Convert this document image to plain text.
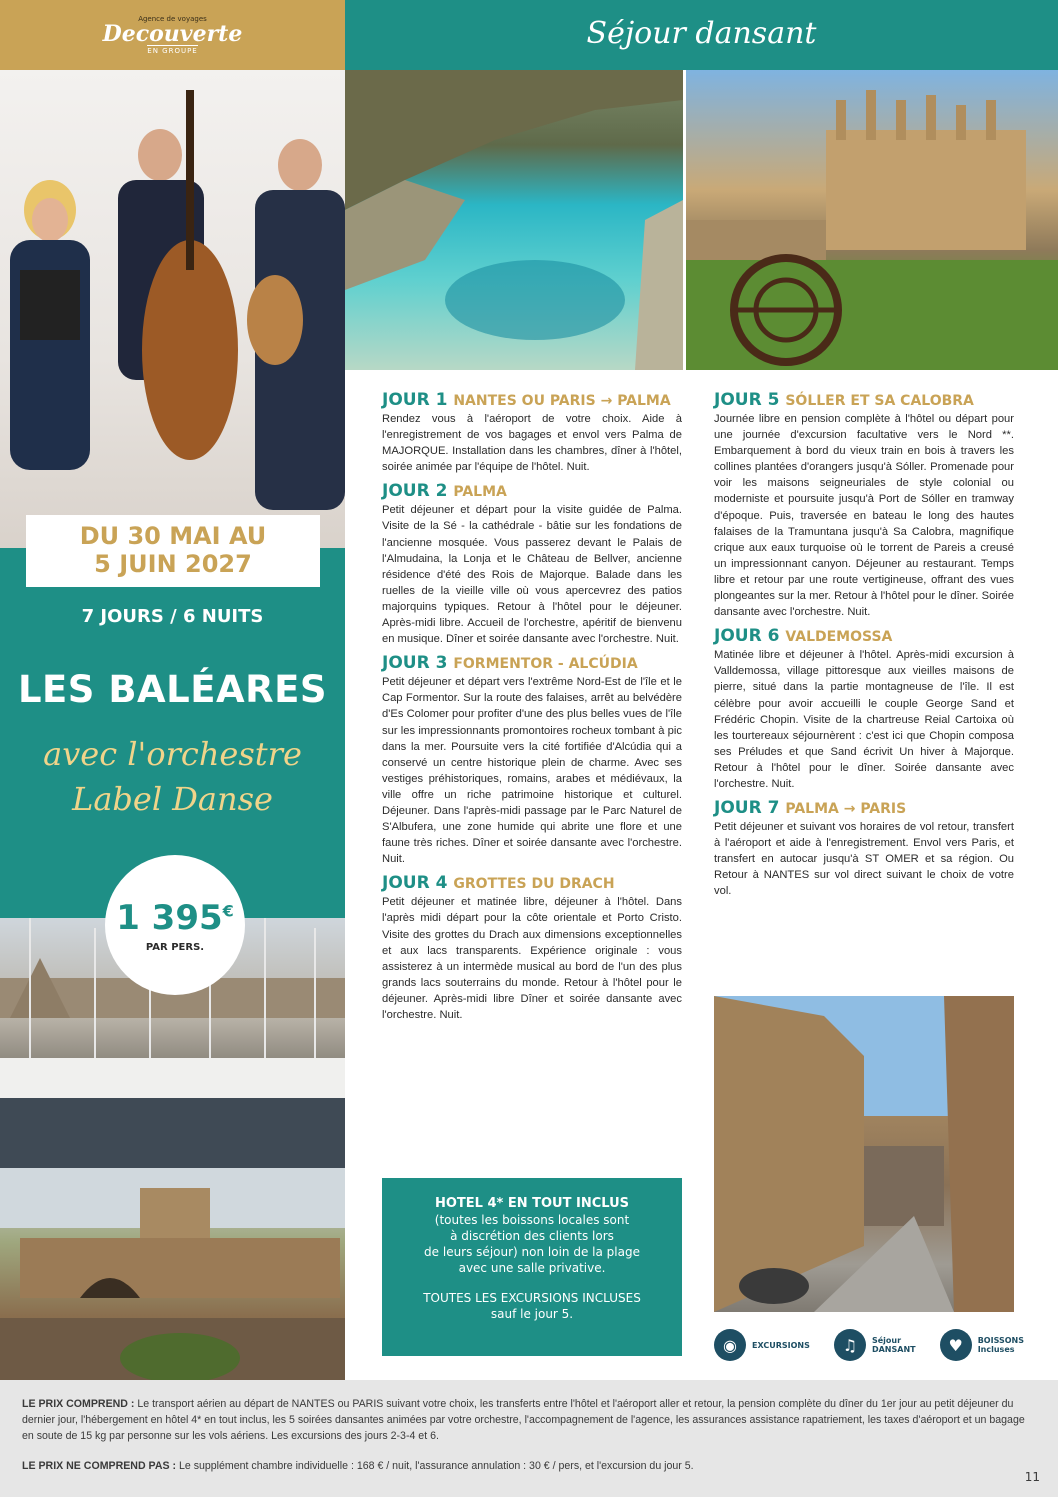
Agence de voyages
Decouverte
EN GROUPE
DU 30 MAI AU
5 JUIN 2027
7 JOURS / 6 NUITS
LES BALÉARES
avec l'orchestre
Label Danse
1 395€
PAR PERS.
Séjour dansant
JOUR 1 NANTES OU PARIS → PALMA
Rendez vous à l'aéroport de votre choix. Aide à l'enregistrement de vos bagages et envol vers Palma de MAJORQUE. Installation dans les chambres, dîner à l'hôtel, soirée animée par l'équipe de l'hôtel. Nuit.
JOUR 2 PALMA
Petit déjeuner et départ pour la visite guidée de Palma. Visite de la Sé - la cathédrale - bâtie sur les fondations de l'ancienne mosquée. Vous passerez devant le Palais de l'Almudaina, la Lonja et le Château de Bellver, ancienne résidence d'été des Rois de Majorque. Balade dans les ruelles de la vieille ville où vous apercevrez des patios majorquins typiques. Retour à l'hôtel pour le déjeuner. Après-midi libre. Accueil de l'orchestre, apéritif de bienvenu en musique. Dîner et soirée dansante avec l'orchestre. Nuit.
JOUR 3 FORMENTOR - ALCÚDIA
Petit déjeuner et départ vers l'extrême Nord-Est de l'île et le Cap Formentor. Sur la route des falaises, arrêt au belvédère d'Es Colomer pour profiter d'une des plus belles vues de l'île sur les impressionnants promontoires rocheux tombant à pic dans la mer. Poursuite vers la cité fortifiée d'Alcúdia qui a conservé un centre historique plein de charme. Avec ses vestiges préhistoriques, romains, arabes et médiévaux, la ville offre un riche patrimoine historique et culturel. Déjeuner. Dans l'après-midi passage par le Parc Naturel de S'Albufera, une zone humide qui abrite une flore et une faune très riches. Dîner et soirée dansante avec l'orchestre. Nuit.
JOUR 4 GROTTES DU DRACH
Petit déjeuner et matinée libre, déjeuner à l'hôtel. Dans l'après midi départ pour la côte orientale et Porto Cristo. Visite des grottes du Drach aux dimensions exceptionnelles et aux lacs transparents. Expérience originale : vous assisterez à un intermède musical au bord de l'un des plus grands lacs souterrains du monde. Retour à l'hôtel pour le déjeuner. Après-midi libre Dîner et soirée dansante avec l'orchestre. Nuit.
JOUR 5 SÓLLER ET SA CALOBRA
Journée libre en pension complète à l'hôtel ou départ pour une journée d'excursion facultative vers le Nord **. Embarquement à bord du vieux train en bois à travers les collines plantées d'orangers jusqu'à Sóller. Promenade pour voir les maisons seigneuriales de style colonial ou moderniste et poursuite jusqu'à Port de Sóller en tramway d'époque. Puis, traversée en bateau le long des hautes falaises de la Tramuntana jusqu'à Sa Calobra, magnifique crique aux eaux turquoise où le torrent de Pareis a creusé un impressionnant canyon. Déjeuner au restaurant. Temps libre et retour par une route vertigineuse, offrant des vues plongeantes sur la mer. Retour à l'hôtel pour le dîner. Soirée dansante avec l'orchestre. Nuit.
JOUR 6 VALDEMOSSA
Matinée libre et déjeuner à l'hôtel. Après-midi excursion à Valldemossa, village pittoresque aux vieilles maisons de pierre, situé dans la partie montagneuse de l'île. Il est célèbre pour avoir accueilli le couple George Sand et Frédéric Chopin. Visite de la chartreuse Reial Cartoixa où les tourtereaux séjournèrent : c'est ici que Chopin composa ses Préludes et que Sand écrivit Un hiver à Majorque. Retour à l'hôtel pour le dîner. Soirée dansante avec l'orchestre. Nuit.
JOUR 7 PALMA → PARIS
Petit déjeuner et suivant vos horaires de vol retour, transfert à l'aéroport et aide à l'enregistrement. Envol vers Paris, et transfert en autocar jusqu'à ST OMER et sa région. Ou Retour à NANTES sur vol direct suivant le choix de votre vol.
HOTEL 4* EN TOUT INCLUS
(toutes les boissons locales sont
à discrétion des clients lors
de leurs séjour) non loin de la plage
avec une salle privative.
TOUTES LES EXCURSIONS INCLUSES
sauf le jour 5.
◉	EXCURSIONS	♫	Séjour
DANSANT	♥	BOISSONS
Incluses
LE PRIX COMPREND : Le transport aérien au départ de NANTES ou PARIS suivant votre choix, les transferts entre l'hôtel et l'aéroport aller et retour, la pension complète du dîner du 1er jour au petit déjeuner du dernier jour, l'hébergement en hôtel 4* en tout inclus, les 5 soirées dansantes animées par votre orchestre, l'accompagnement de l'agence, les assurances assistance rapatriement, les taxes d'aéroport et un bagage en soute de 15 kg par personne sur les vols aériens. Les excursions des jours 2-3-4 et 6.
LE PRIX NE COMPREND PAS : Le supplément chambre individuelle : 168 € / nuit, l'assurance annulation : 30 € / pers, et l'excursion du jour 5.
11
